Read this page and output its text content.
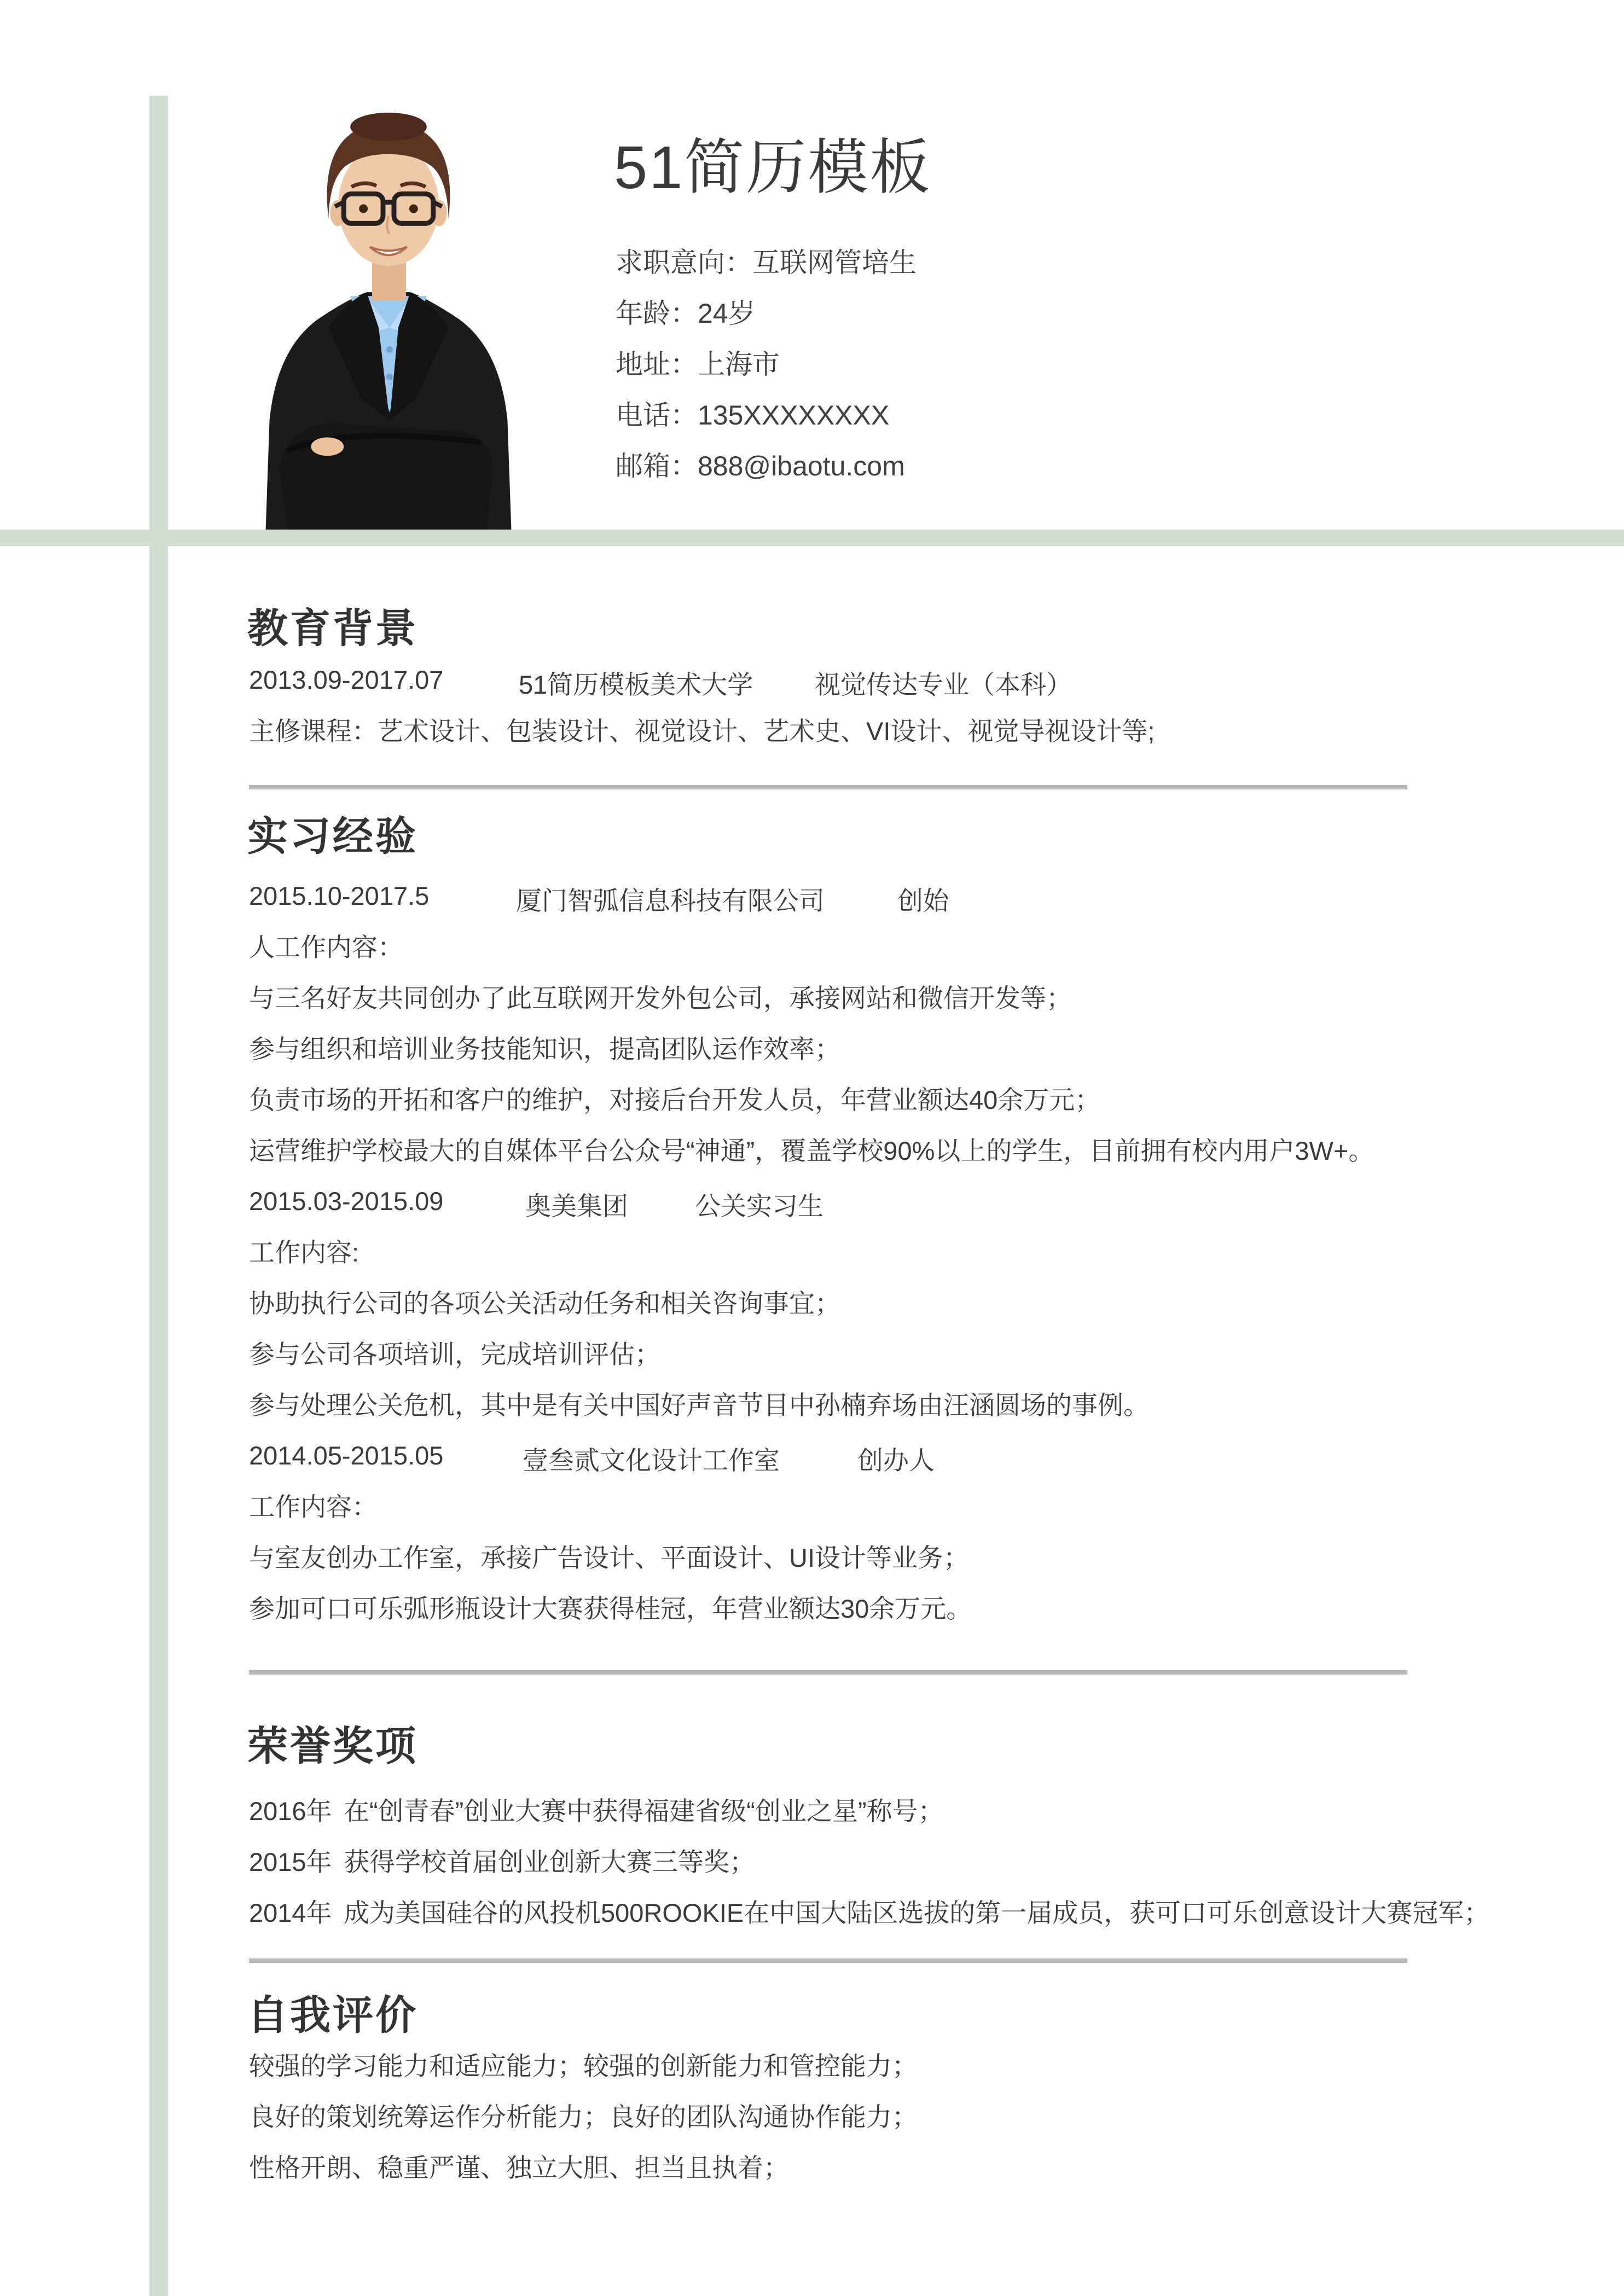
51简历模板
求职意向：互联网管培生
年龄：24岁
地址：上海市
电话：135XXXXXXXX
邮箱：888@ibaotu.com
教育背景
2013.09-2017.07	51简历模板美术大学 视觉传达专业（本科）
主修课程：艺术设计、包装设计、视觉设计、艺术史、VI设计、视觉导视设计等;
实习经验
2015.10-2017.5	厦门智弧信息科技有限公司	创始
人工作内容：
与三名好友共同创办了此互联网开发外包公司，承接网站和微信开发等；
参与组织和培训业务技能知识，提高团队运作效率；
负责市场的开拓和客户的维护，对接后台开发人员，年营业额达40余万元；
运营维护学校最大的自媒体平台公众号“神通”，覆盖学校90%以上的学生，目前拥有校内用户3W+。
2015.03-2015.09	奥美集团	公关实习生
工作内容:
协助执行公司的各项公关活动任务和相关咨询事宜；
参与公司各项培训，完成培训评估；
参与处理公关危机，其中是有关中国好声音节目中孙楠弃场由汪涵圆场的事例。
2014.05-2015.05	壹叁贰文化设计工作室	创办人
工作内容：
与室友创办工作室，承接广告设计、平面设计、UI设计等业务；
参加可口可乐弧形瓶设计大赛获得桂冠，年营业额达30余万元。
荣誉奖项
2016年 在“创青春”创业大赛中获得福建省级“创业之星”称号；
2015年 获得学校首届创业创新大赛三等奖；
2014年 成为美国硅谷的风投机500ROOKIE在中国大陆区选拔的第一届成员，获可口可乐创意设计大赛冠军；
自我评价
较强的学习能力和适应能力；较强的创新能力和管控能力；
良好的策划统筹运作分析能力；良好的团队沟通协作能力；
性格开朗、稳重严谨、独立大胆、担当且执着；
